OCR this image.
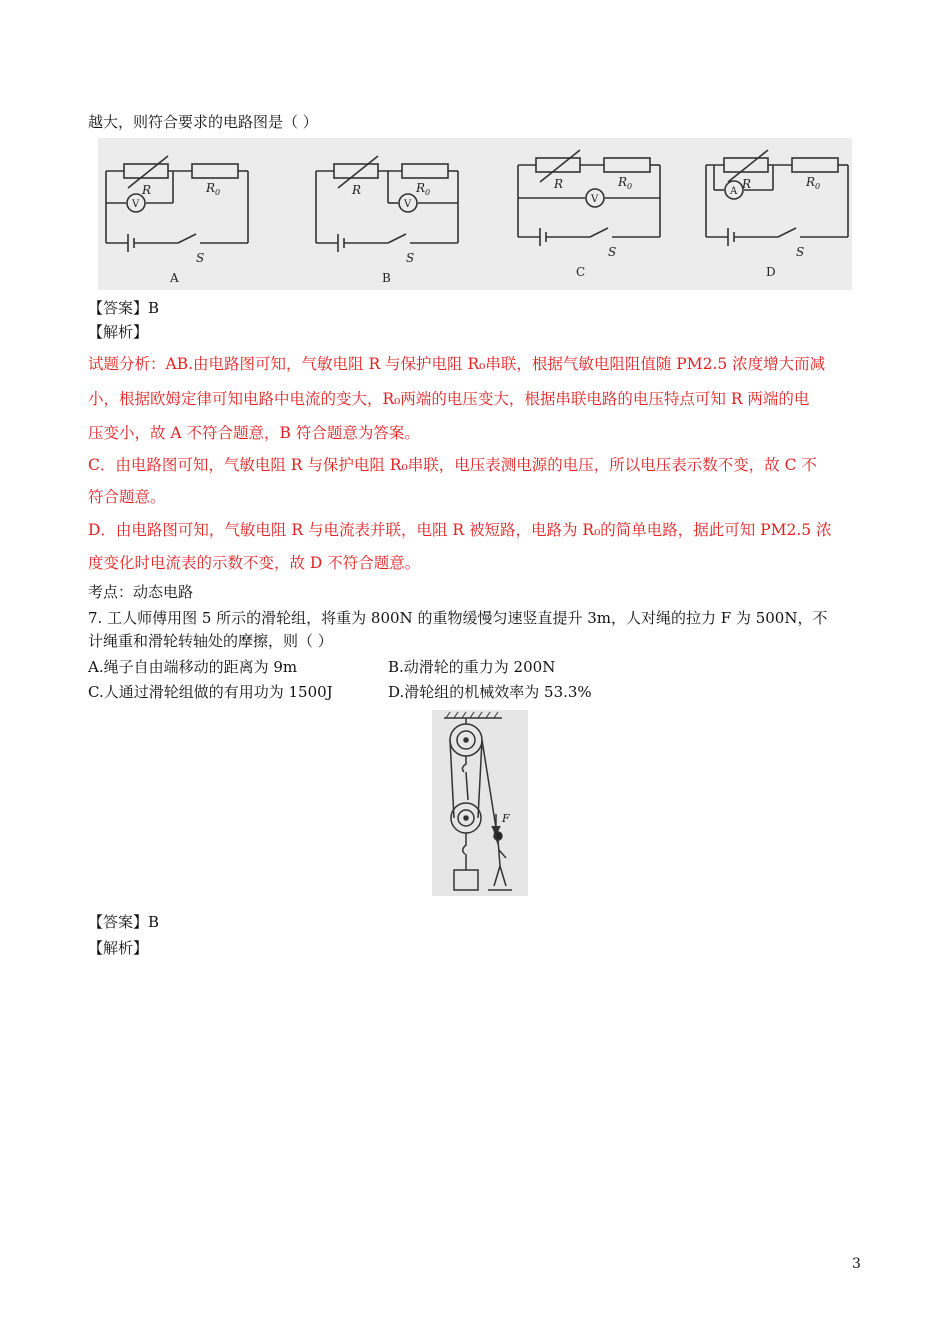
越大，则符合要求的电路图是（ ）
R	$R_0$
V
S
A
R	$R_0$
V
S
B
R	$R_0$
V
S
C
R	$R_0$
A
S
D
【答案】B
【解析】
试题分析：AB.由电路图可知，气敏电阻 R 与保护电阻 R₀串联，根据气敏电阻阻值随 PM2.5 浓度增大而减
小，根据欧姆定律可知电路中电流的变大，R₀两端的电压变大，根据串联电路的电压特点可知 R 两端的电
压变小，故 A 不符合题意，B 符合题意为答案。
C．由电路图可知，气敏电阻 R 与保护电阻 R₀串联，电压表测电源的电压，所以电压表示数不变，故 C 不
符合题意。
D．由电路图可知，气敏电阻 R 与电流表并联，电阻 R 被短路，电路为 R₀的简单电路，据此可知 PM2.5 浓
度变化时电流表的示数不变，故 D 不符合题意。
考点：动态电路
7. 工人师傅用图 5 所示的滑轮组，将重为 800N 的重物缓慢匀速竖直提升 3m，人对绳的拉力 F 为 500N，不
计绳重和滑轮转轴处的摩擦，则（ ）
A.绳子自由端移动的距离为 9m	B.动滑轮的重力为 200N
C.人通过滑轮组做的有用功为 1500J	D.滑轮组的机械效率为 53.3%
F
【答案】B
【解析】
3
